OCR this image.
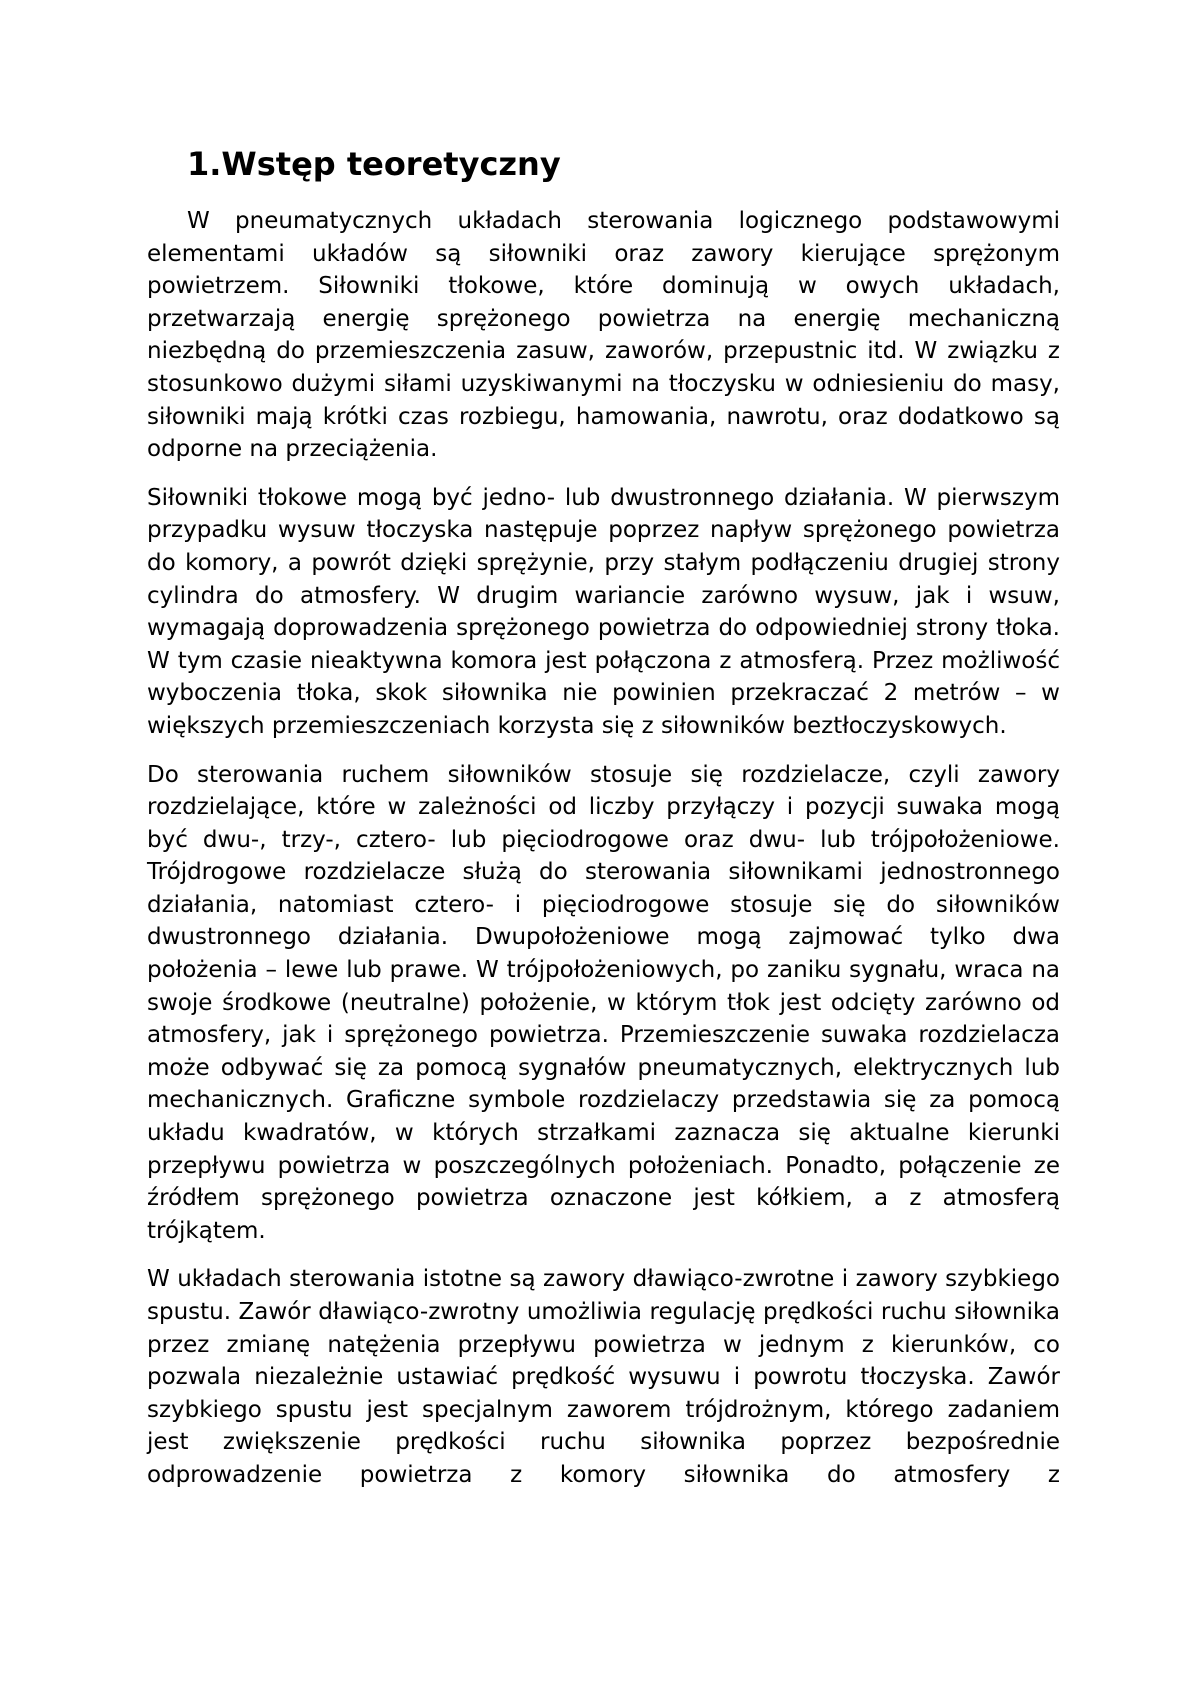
1.Wstęp teoretyczny

W pneumatycznych układach sterowania logicznego podstawowymi elementami układów są siłowniki oraz zawory kierujące sprężonym powietrzem. Siłowniki tłokowe, które dominują w owych układach, przetwarzają energię sprężonego powietrza na energię mechaniczną niezbędną do przemieszczenia zasuw, zaworów, przepustnic itd. W związku z stosunkowo dużymi siłami uzyskiwanymi na tłoczysku w odniesieniu do masy, siłowniki mają krótki czas rozbiegu, hamowania, nawrotu, oraz dodatkowo są odporne na przeciążenia.

Siłowniki tłokowe mogą być jedno- lub dwustronnego działania. W pierwszym przypadku wysuw tłoczyska następuje poprzez napływ sprężonego powietrza do komory, a powrót dzięki sprężynie, przy stałym podłączeniu drugiej strony cylindra do atmosfery. W drugim wariancie zarówno wysuw, jak i wsuw, wymagają doprowadzenia sprężonego powietrza do odpowiedniej strony tłoka. W tym czasie nieaktywna komora jest połączona z atmosferą. Przez możliwość wyboczenia tłoka, skok siłownika nie powinien przekraczać 2 metrów – w większych przemieszczeniach korzysta się z siłowników beztłoczyskowych.

Do sterowania ruchem siłowników stosuje się rozdzielacze, czyli zawory rozdzielające, które w zależności od liczby przyłączy i pozycji suwaka mogą być dwu-, trzy-, cztero- lub pięciodrogowe oraz dwu- lub trójpołożeniowe. Trójdrogowe rozdzielacze służą do sterowania siłownikami jednostronnego działania, natomiast cztero- i pięciodrogowe stosuje się do siłowników dwustronnego działania. Dwupołożeniowe mogą zajmować tylko dwa położenia – lewe lub prawe. W trójpołożeniowych, po zaniku sygnału, wraca na swoje środkowe (neutralne) położenie, w którym tłok jest odcięty zarówno od atmosfery, jak i sprężonego powietrza. Przemieszczenie suwaka rozdzielacza może odbywać się za pomocą sygnałów pneumatycznych, elektrycznych lub mechanicznych. Graficzne symbole rozdzielaczy przedstawia się za pomocą układu kwadratów, w których strzałkami zaznacza się aktualne kierunki przepływu powietrza w poszczególnych położeniach. Ponadto, połączenie ze źródłem sprężonego powietrza oznaczone jest kółkiem, a z atmosferą trójkątem.

W układach sterowania istotne są zawory dławiąco-zwrotne i zawory szybkiego spustu. Zawór dławiąco-zwrotny umożliwia regulację prędkości ruchu siłownika przez zmianę natężenia przepływu powietrza w jednym z kierunków, co pozwala niezależnie ustawiać prędkość wysuwu i powrotu tłoczyska. Zawór szybkiego spustu jest specjalnym zaworem trójdrożnym, którego zadaniem jest zwiększenie prędkości ruchu siłownika poprzez bezpośrednie odprowadzenie powietrza z komory siłownika do atmosfery z
